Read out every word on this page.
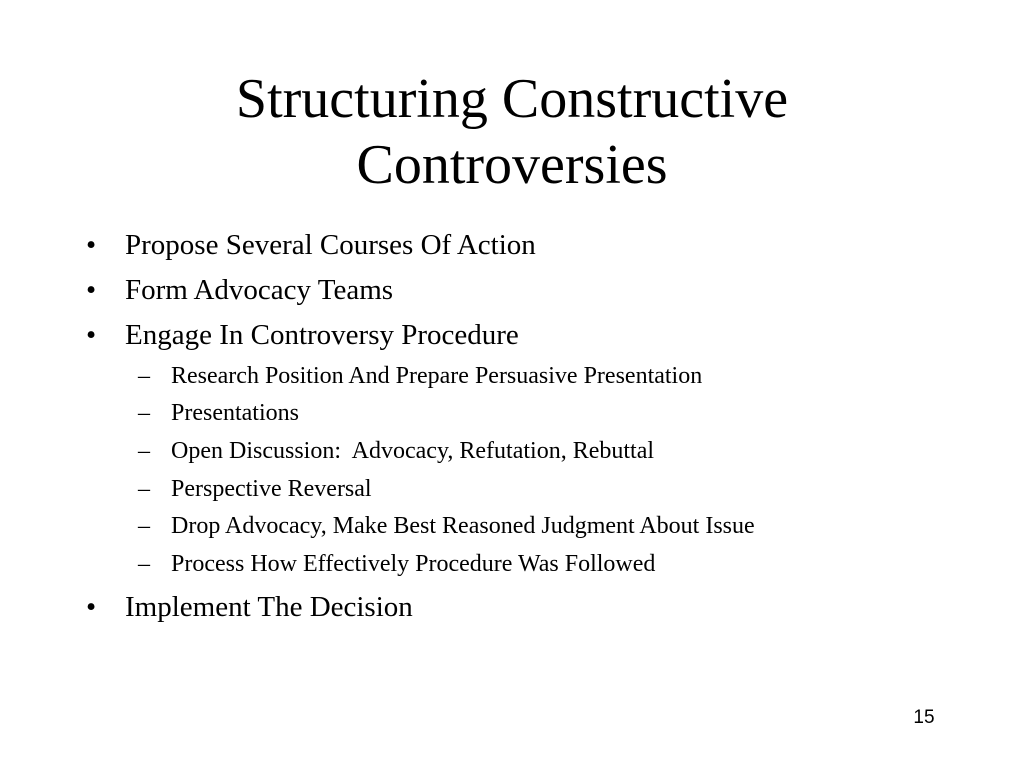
Structuring Constructive
Controversies
• Propose Several Courses Of Action
• Form Advocacy Teams
• Engage In Controversy Procedure
– Research Position And Prepare Persuasive Presentation
– Presentations
– Open Discussion:  Advocacy, Refutation, Rebuttal
– Perspective Reversal
– Drop Advocacy, Make Best Reasoned Judgment About Issue
– Process How Effectively Procedure Was Followed
• Implement The Decision
15
